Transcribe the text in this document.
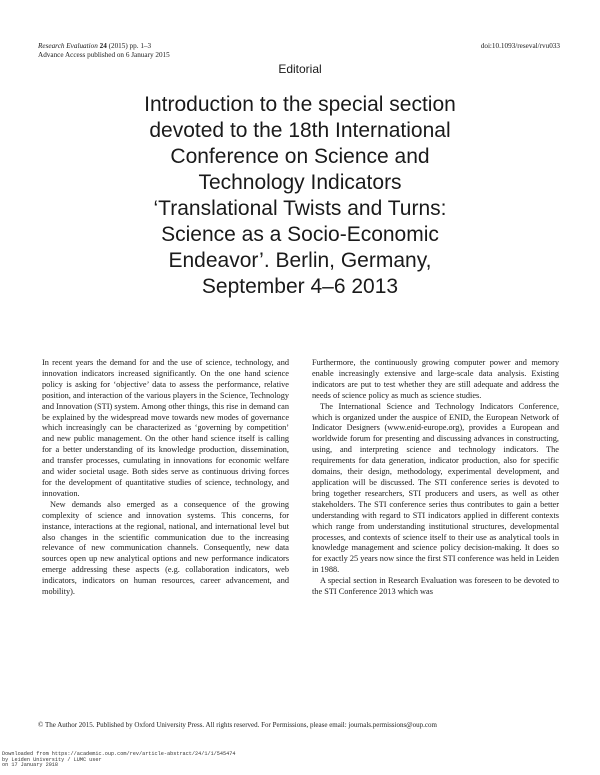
Research Evaluation 24 (2015) pp. 1–3
Advance Access published on 6 January 2015
doi:10.1093/reseval/rvu033
Editorial
Introduction to the special section
devoted to the 18th International
Conference on Science and
Technology Indicators
‘Translational Twists and Turns:
Science as a Socio-Economic
Endeavor’. Berlin, Germany,
September 4–6 2013

In recent years the demand for and the use of science, technology, and innovation indicators increased significantly. On the one hand science policy is asking for ‘objective’ data to assess the performance, relative position, and interaction of the various players in the Science, Technology and Innovation (STI) system. Among other things, this rise in demand can be explained by the widespread move towards new modes of governance which increasingly can be characterized as ‘governing by competition’ and new public management. On the other hand science itself is calling for a better understanding of its knowledge production, dissemination, and transfer processes, cumulating in innovations for economic welfare and wider societal usage. Both sides serve as continuous driving forces for the development of quantitative studies of science, technology, and innovation.

New demands also emerged as a consequence of the growing complexity of science and innovation systems. This concerns, for instance, interactions at the regional, national, and international level but also changes in the scientific communication due to the increasing relevance of new communication channels. Consequently, new data sources open up new analytical options and new performance indicators emerge addressing these aspects (e.g. collaboration indicators, web indicators, indicators on human resources, career advancement, and mobility).

Furthermore, the continuously growing computer power and memory enable increasingly extensive and large-scale data analysis. Existing indicators are put to test whether they are still adequate and address the needs of science policy as much as science studies.

The International Science and Technology Indicators Conference, which is organized under the auspice of ENID, the European Network of Indicator Designers (www.enid-europe.org), provides a European and worldwide forum for presenting and discussing advances in constructing, using, and interpreting science and technology indicators. The requirements for data generation, indicator production, also for specific domains, their design, methodology, experimental development, and application will be discussed. The STI conference series is devoted to bring together researchers, STI producers and users, as well as other stakeholders. The STI conference series thus contributes to gain a better understanding with regard to STI indicators applied in different contexts which range from understanding institutional structures, developmental processes, and contexts of science itself to their use as analytical tools in knowledge management and science policy decision-making. It does so for exactly 25 years now since the first STI conference was held in Leiden in 1988.

A special section in Research Evaluation was foreseen to be devoted to the STI Conference 2013 which was

© The Author 2015. Published by Oxford University Press. All rights reserved. For Permissions, please email: journals.permissions@oup.com
Downloaded from https://academic.oup.com/rev/article-abstract/24/1/1/545474
by Leiden University / LUMC user
on 17 January 2018
